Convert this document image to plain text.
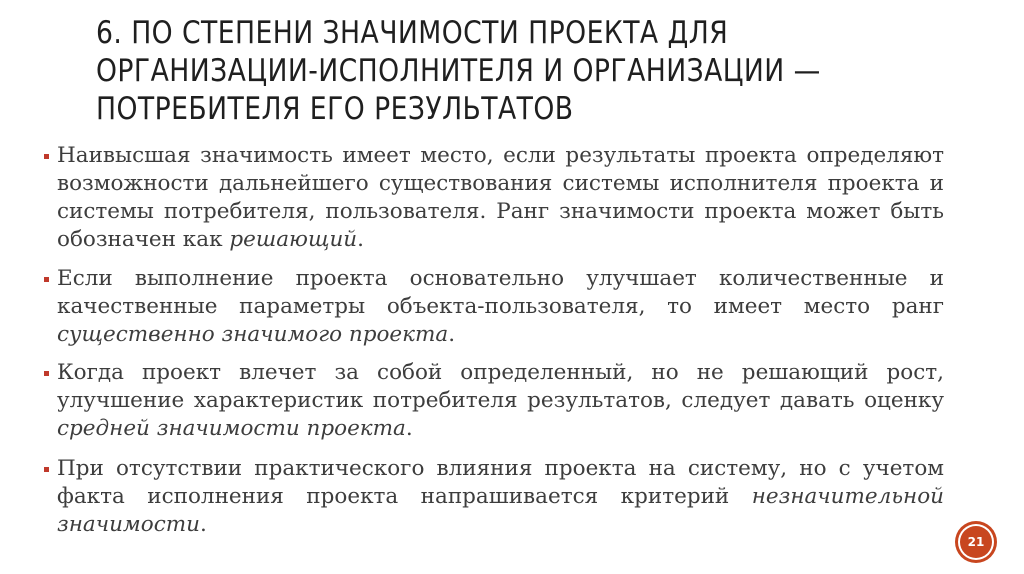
6. ПО СТЕПЕНИ ЗНАЧИМОСТИ ПРОЕКТА ДЛЯ
ОРГАНИЗАЦИИ-ИСПОЛНИТЕЛЯ И ОРГАНИЗАЦИИ —
ПОТРЕБИТЕЛЯ ЕГО РЕЗУЛЬТАТОВ
Наивысшая значимость имеет место, если результаты проекта определяют возможности дальнейшего существования системы исполнителя проекта и системы потребителя, пользователя. Ранг значимости проекта может быть обозначен как решающий.
Если выполнение проекта основательно улучшает количественные и качественные параметры объекта-пользователя, то имеет место ранг существенно значимого проекта.
Когда проект влечет за собой определенный, но не решающий рост, улучшение характеристик потребителя результатов, следует давать оценку средней значимости проекта.
При отсутствии практического влияния проекта на систему, но с учетом факта исполнения проекта напрашивается критерий незначительной значимости.
21
